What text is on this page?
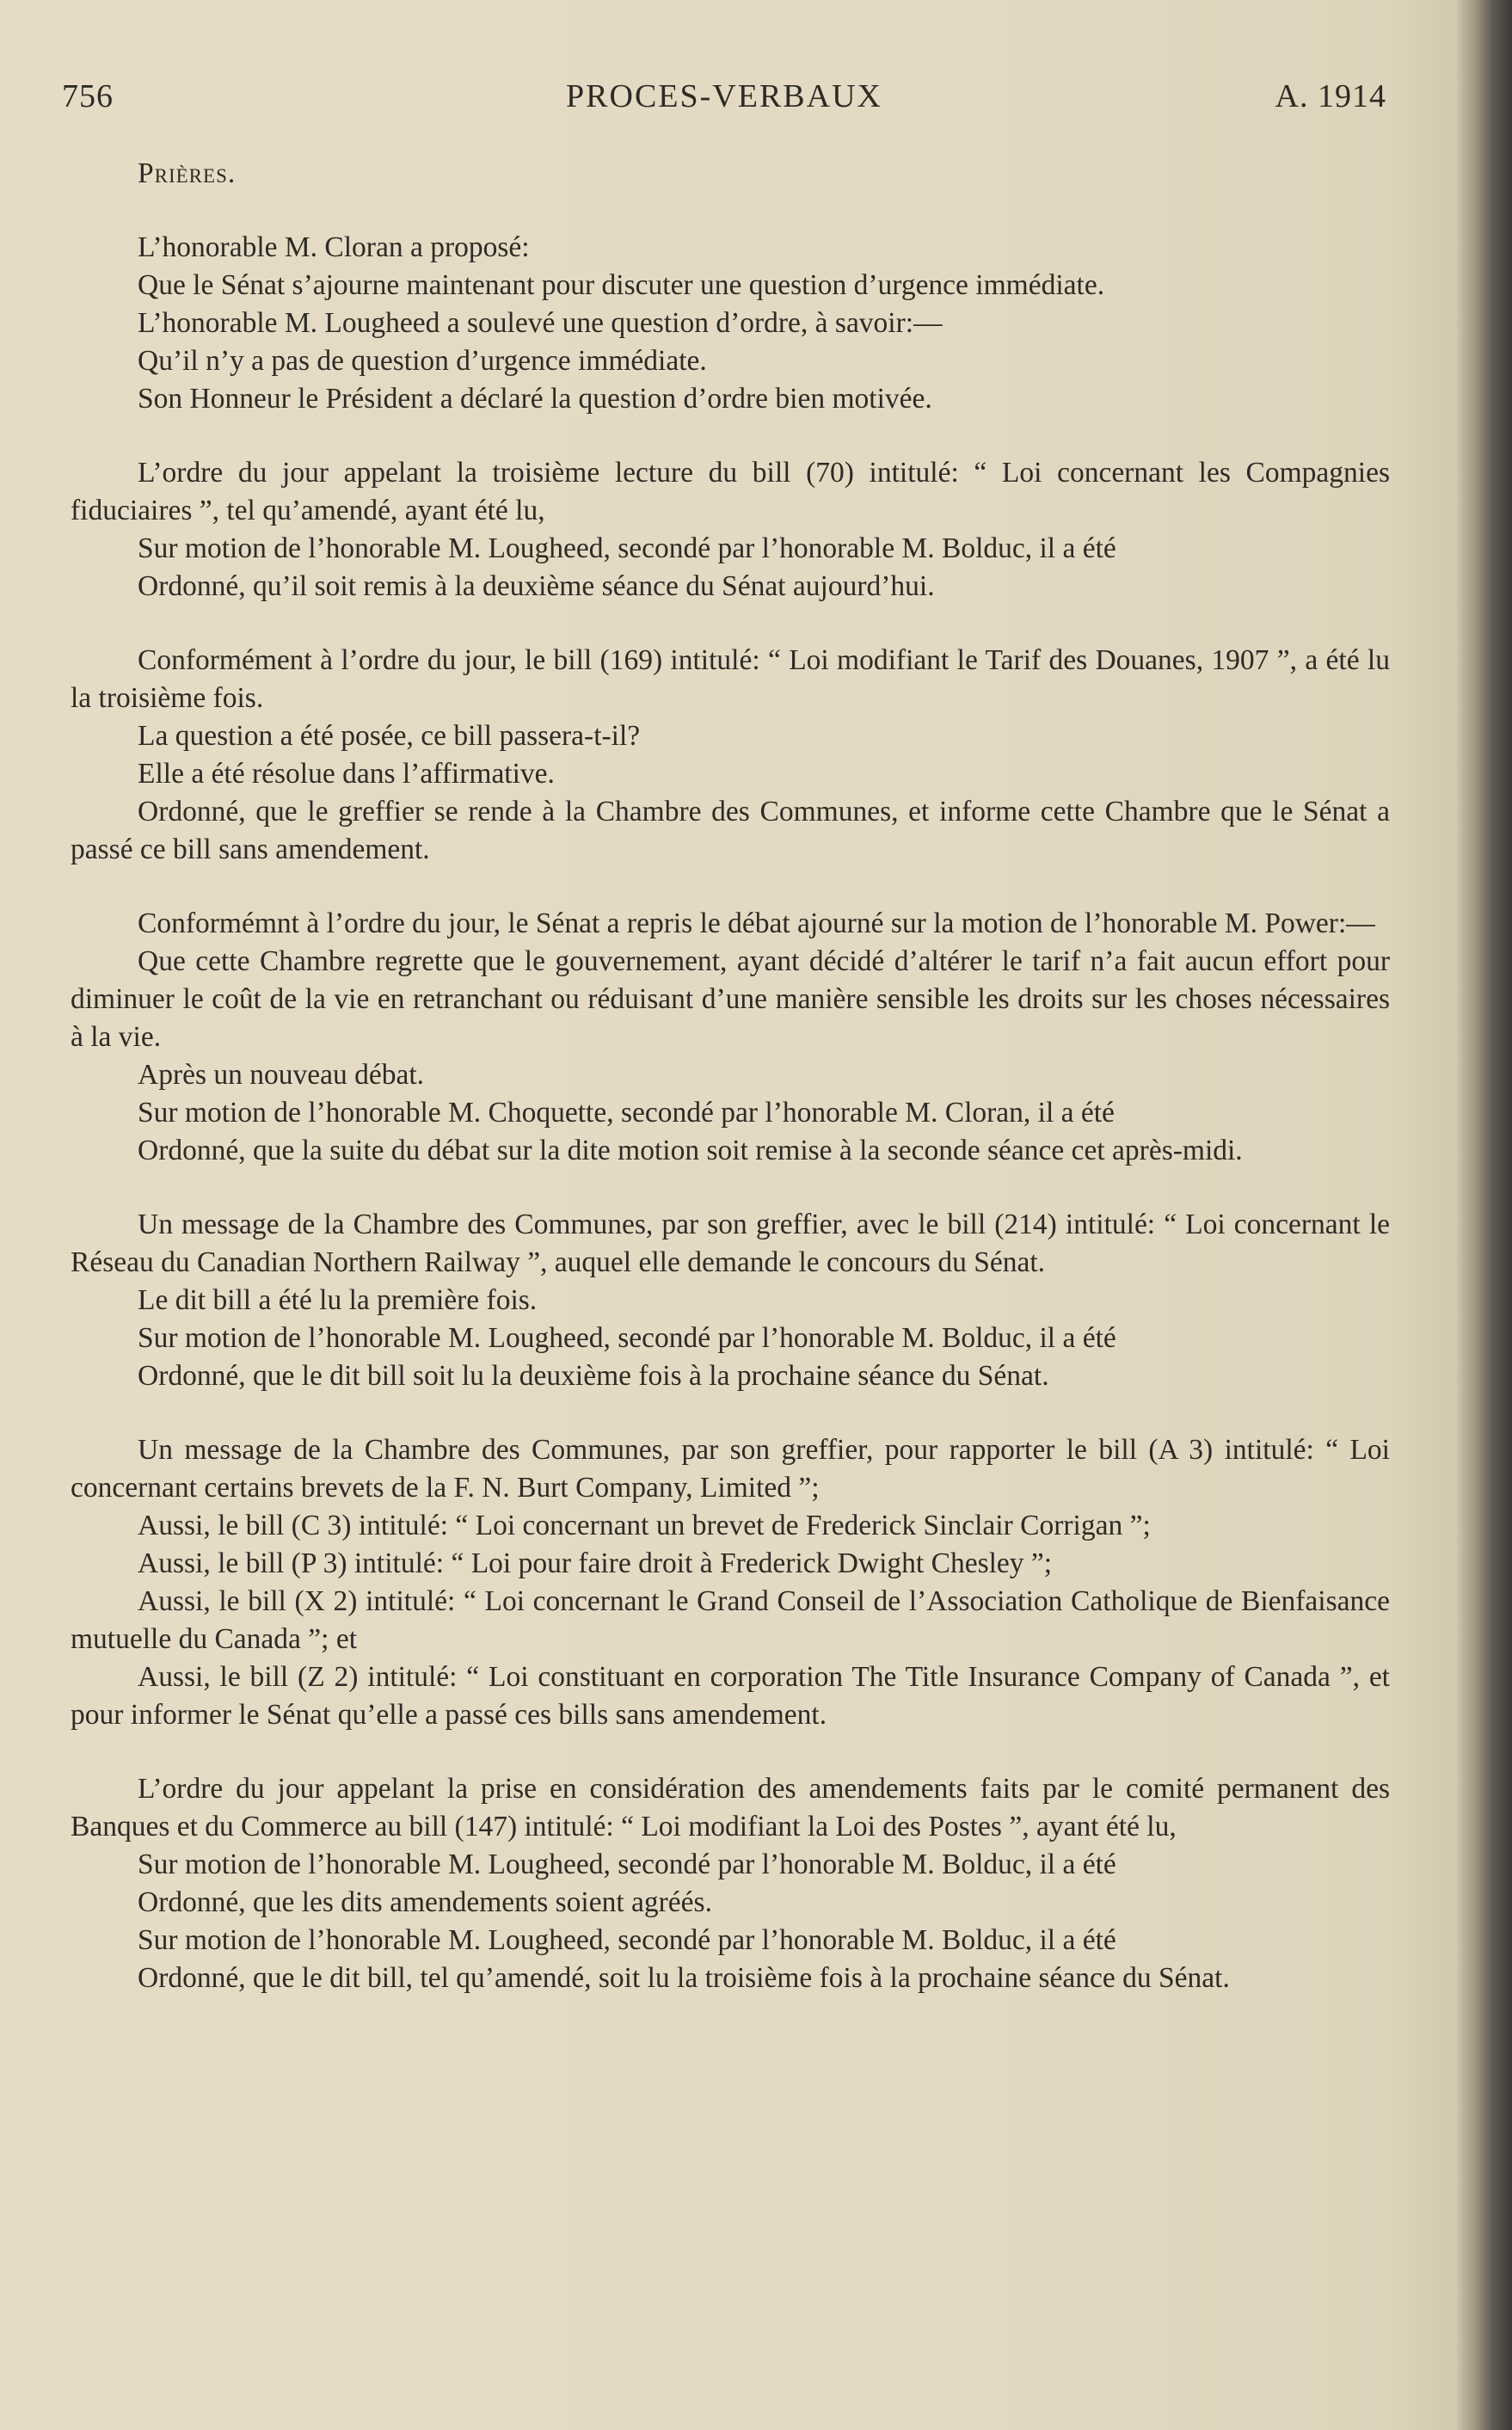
756	PROCES-VERBAUX	A. 1914

Prières.

L’honorable M. Cloran a proposé:

Que le Sénat s’ajourne maintenant pour discuter une question d’urgence immédiate.

L’honorable M. Lougheed a soulevé une question d’ordre, à savoir:—

Qu’il n’y a pas de question d’urgence immédiate.

Son Honneur le Président a déclaré la question d’ordre bien motivée.

L’ordre du jour appelant la troisième lecture du bill (70) intitulé: “ Loi concernant les Compagnies fiduciaires ”, tel qu’amendé, ayant été lu,

Sur motion de l’honorable M. Lougheed, secondé par l’honorable M. Bolduc, il a été

Ordonné, qu’il soit remis à la deuxième séance du Sénat aujourd’hui.

Conformément à l’ordre du jour, le bill (169) intitulé: “ Loi modifiant le Tarif des Douanes, 1907 ”, a été lu la troisième fois.

La question a été posée, ce bill passera-t-il?

Elle a été résolue dans l’affirmative.

Ordonné, que le greffier se rende à la Chambre des Communes, et informe cette Chambre que le Sénat a passé ce bill sans amendement.

Conformémnt à l’ordre du jour, le Sénat a repris le débat ajourné sur la motion de l’honorable M. Power:—

Que cette Chambre regrette que le gouvernement, ayant décidé d’altérer le tarif n’a fait aucun effort pour diminuer le coût de la vie en retranchant ou réduisant d’une manière sensible les droits sur les choses nécessaires à la vie.

Après un nouveau débat.

Sur motion de l’honorable M. Choquette, secondé par l’honorable M. Cloran, il a été

Ordonné, que la suite du débat sur la dite motion soit remise à la seconde séance cet après-midi.

Un message de la Chambre des Communes, par son greffier, avec le bill (214) intitulé: “ Loi concernant le Réseau du Canadian Northern Railway ”, auquel elle demande le concours du Sénat.

Le dit bill a été lu la première fois.

Sur motion de l’honorable M. Lougheed, secondé par l’honorable M. Bolduc, il a été

Ordonné, que le dit bill soit lu la deuxième fois à la prochaine séance du Sénat.

Un message de la Chambre des Communes, par son greffier, pour rapporter le bill (A 3) intitulé: “ Loi concernant certains brevets de la F. N. Burt Company, Limited ”;

Aussi, le bill (C 3) intitulé: “ Loi concernant un brevet de Frederick Sinclair Corrigan ”;

Aussi, le bill (P 3) intitulé: “ Loi pour faire droit à Frederick Dwight Chesley ”;

Aussi, le bill (X 2) intitulé: “ Loi concernant le Grand Conseil de l’Association Catholique de Bienfaisance mutuelle du Canada ”; et

Aussi, le bill (Z 2) intitulé: “ Loi constituant en corporation The Title Insurance Company of Canada ”, et pour informer le Sénat qu’elle a passé ces bills sans amendement.

L’ordre du jour appelant la prise en considération des amendements faits par le comité permanent des Banques et du Commerce au bill (147) intitulé: “ Loi modifiant la Loi des Postes ”, ayant été lu,

Sur motion de l’honorable M. Lougheed, secondé par l’honorable M. Bolduc, il a été

Ordonné, que les dits amendements soient agréés.

Sur motion de l’honorable M. Lougheed, secondé par l’honorable M. Bolduc, il a été

Ordonné, que le dit bill, tel qu’amendé, soit lu la troisième fois à la prochaine séance du Sénat.
